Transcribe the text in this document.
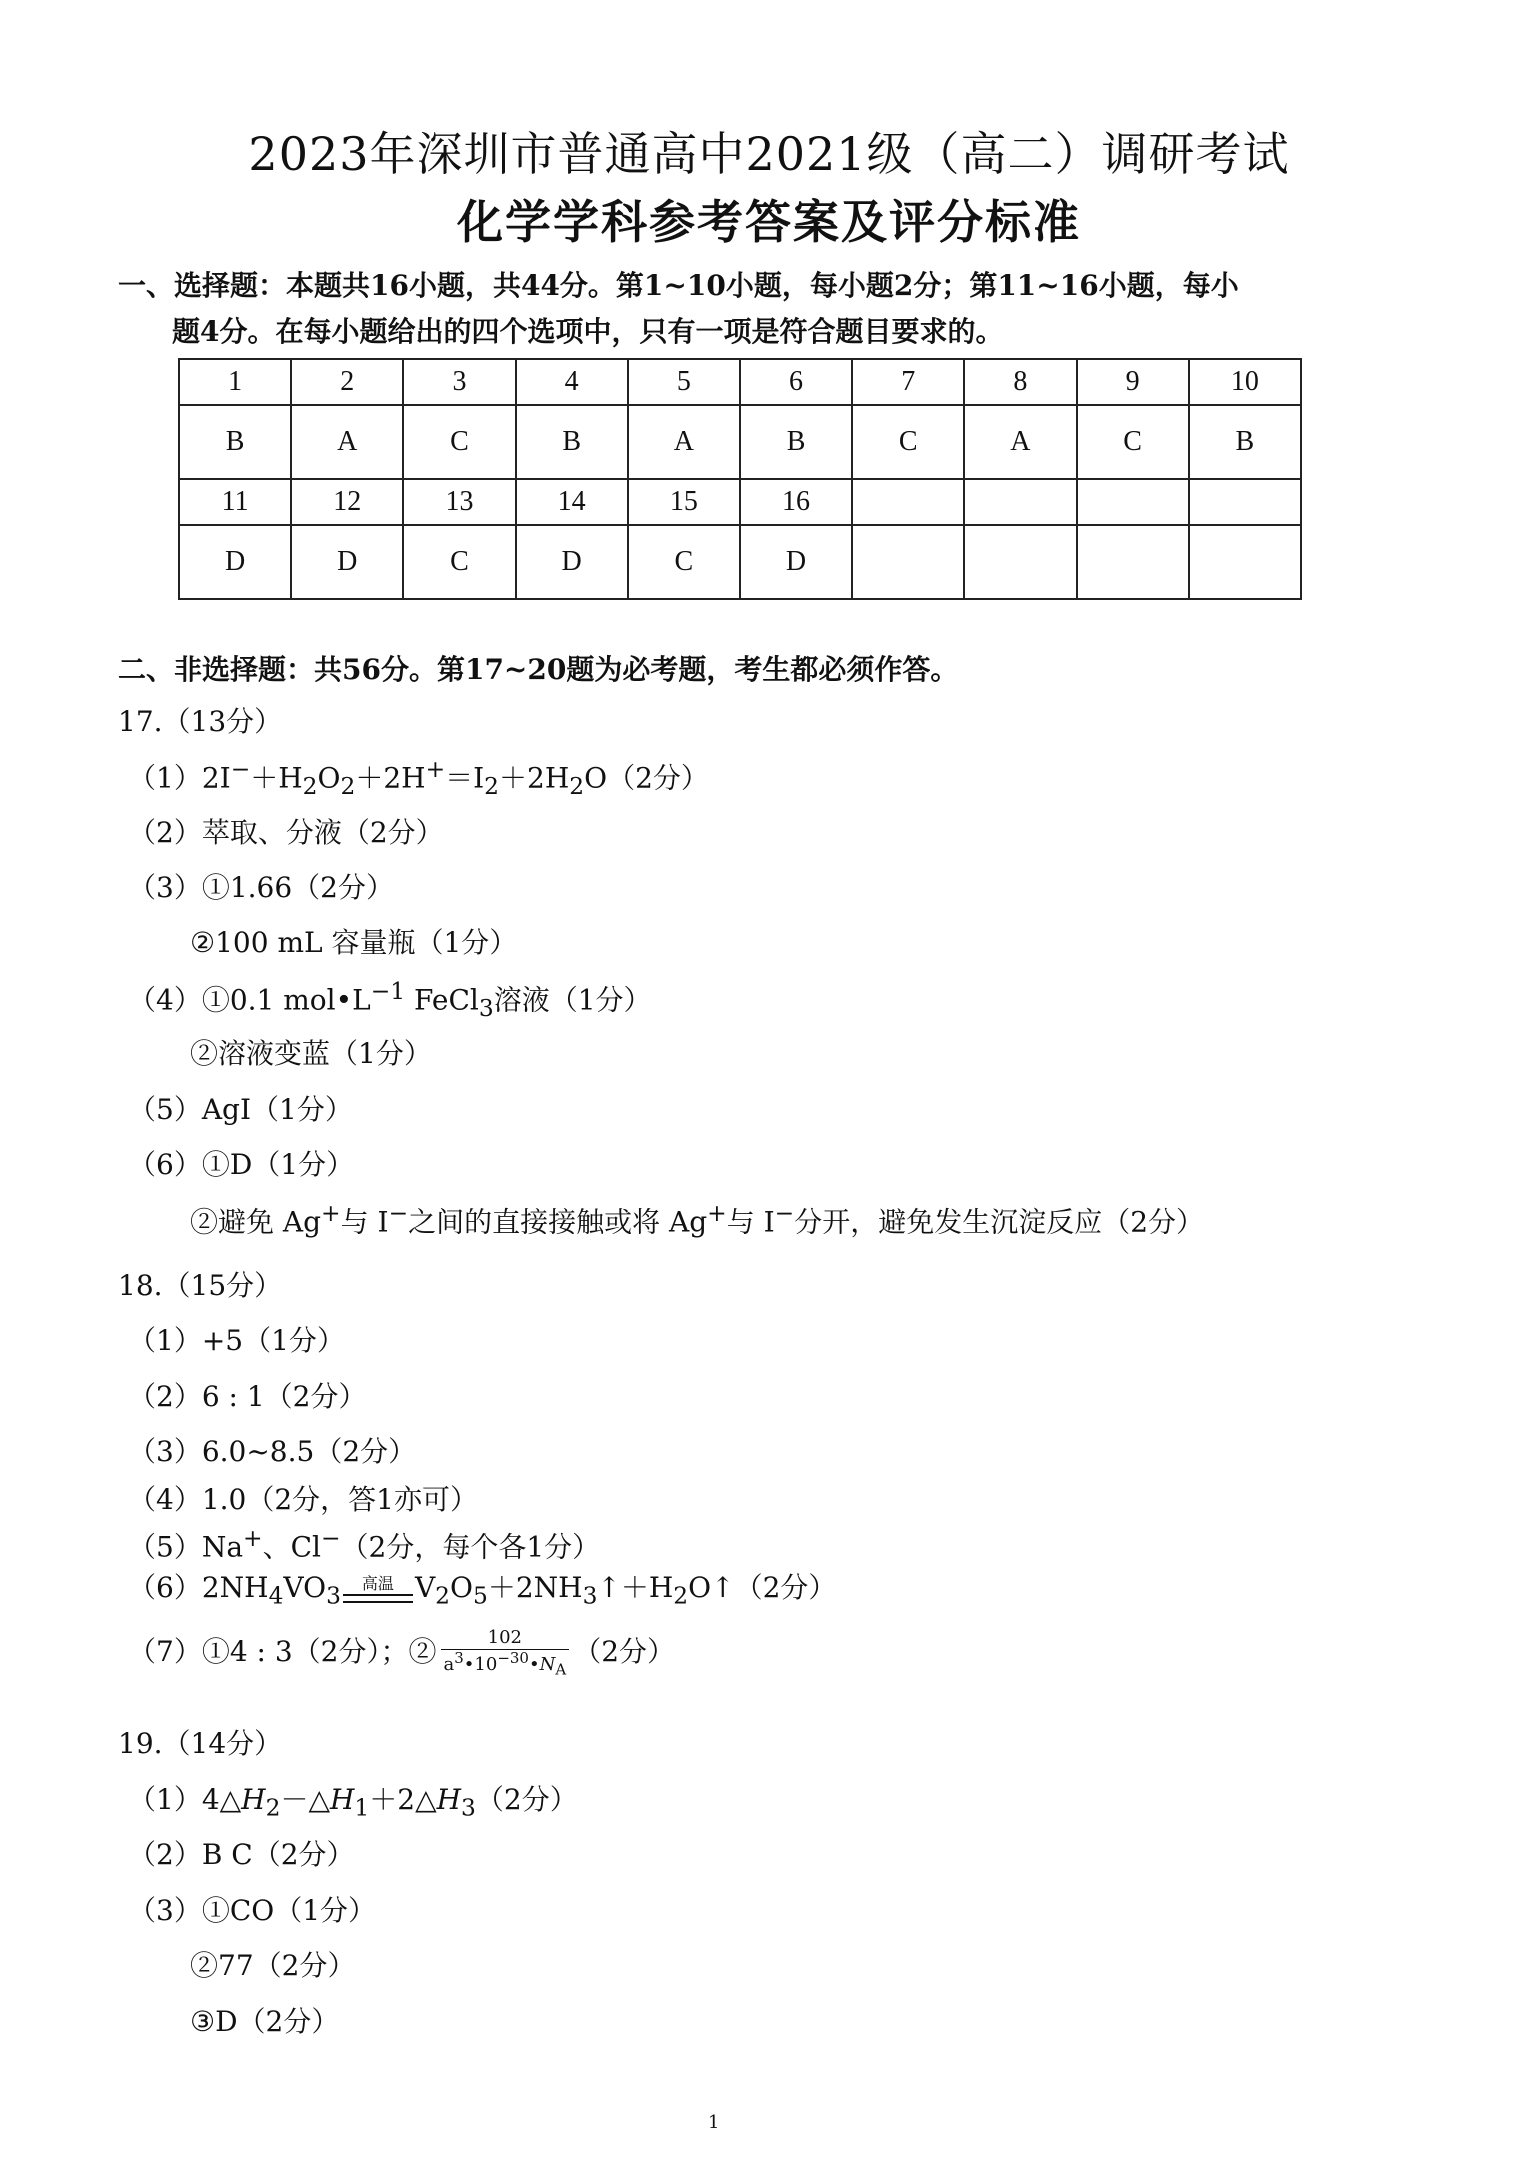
2023年深圳市普通高中2021级（高二）调研考试
化学学科参考答案及评分标准
一、选择题：本题共16小题，共44分。第1~10小题，每小题2分；第11~16小题，每小
题4分。在每小题给出的四个选项中，只有一项是符合题目要求的。
1	2	3	4	5	6	7	8	9	10
B	A	C	B	A	B	C	A	C	B
11	12	13	14	15	16				
D	D	C	D	C	D				
二、非选择题：共56分。第17~20题为必考题，考生都必须作答。
17.（13分）
$(1)2I^-+H_2O_2+2H^+=I_2+2H_2O(2$分）
（2）萃取、分液（2分）
（3）①1.66（2分）
②100 mL 容量瓶（1分）
（4）①0.1 $mol•L^{-1}$ FeCl$_3$溶液（1分）
②溶液变蓝（1分）
（5）AgI（1分）
（6）①D（1分）
②避免 Ag+与 I−之间的直接接触或将 Ag+与 I−分开，避免发生沉淀反应（2分）
18.（15分）
（1）+5（1分）
（2）6 : 1（2分）
（3）6.0~8.5（2分）
（4）1.0（2分，答1亦可）
（5）Na+、Cl−（2分，每个各1分）
$(6)2NH_4VO_3$	高温 $V_2O_5+2NH_3↑+H_2O↑(2$分）
（7）①4 : 3（2分）；② $\frac{102}{a^3•10^{-30}•N_A} (2$分）
19.（14分）
$(1)4\triangle H_2-\triangle H_1+2\triangle H_3(2$分）
（2）B C（2分）
（3）①CO（1分）
②77（2分）
③D（2分）
1
